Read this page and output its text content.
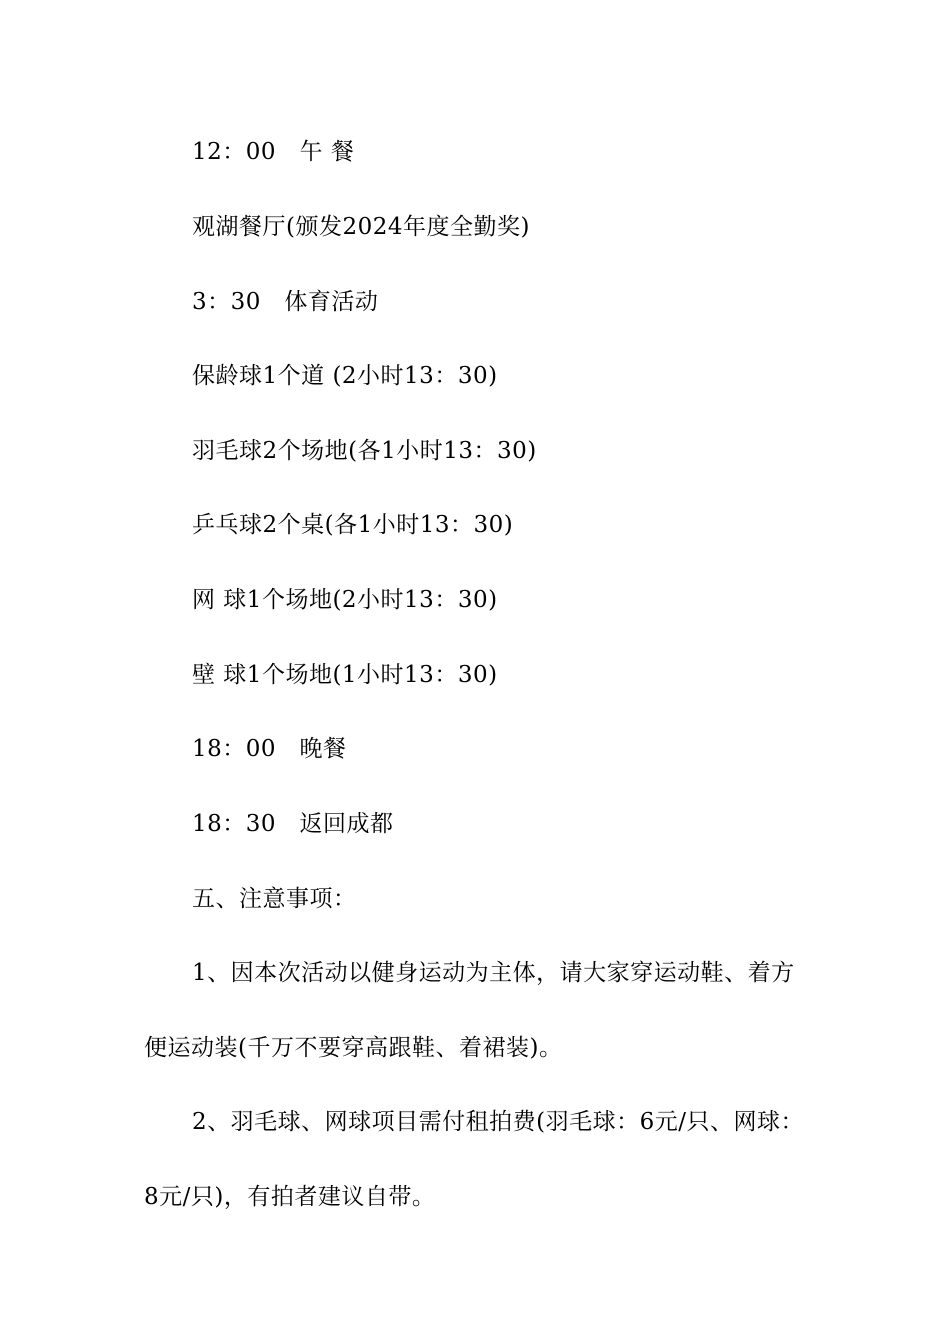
12：00　午 餐
观湖餐厅(颁发2024年度全勤奖)
3：30　体育活动
保龄球1个道 (2小时13：30)
羽毛球2个场地(各1小时13：30)
乒乓球2个桌(各1小时13：30)
网 球1个场地(2小时13：30)
壁 球1个场地(1小时13：30)
18：00　晚餐
18：30　返回成都
五、注意事项：
1、因本次活动以健身运动为主体，请大家穿运动鞋、着方
便运动装(千万不要穿高跟鞋、着裙装)。
2、羽毛球、网球项目需付租拍费(羽毛球：6元/只、网球：
8元/只)，有拍者建议自带。
